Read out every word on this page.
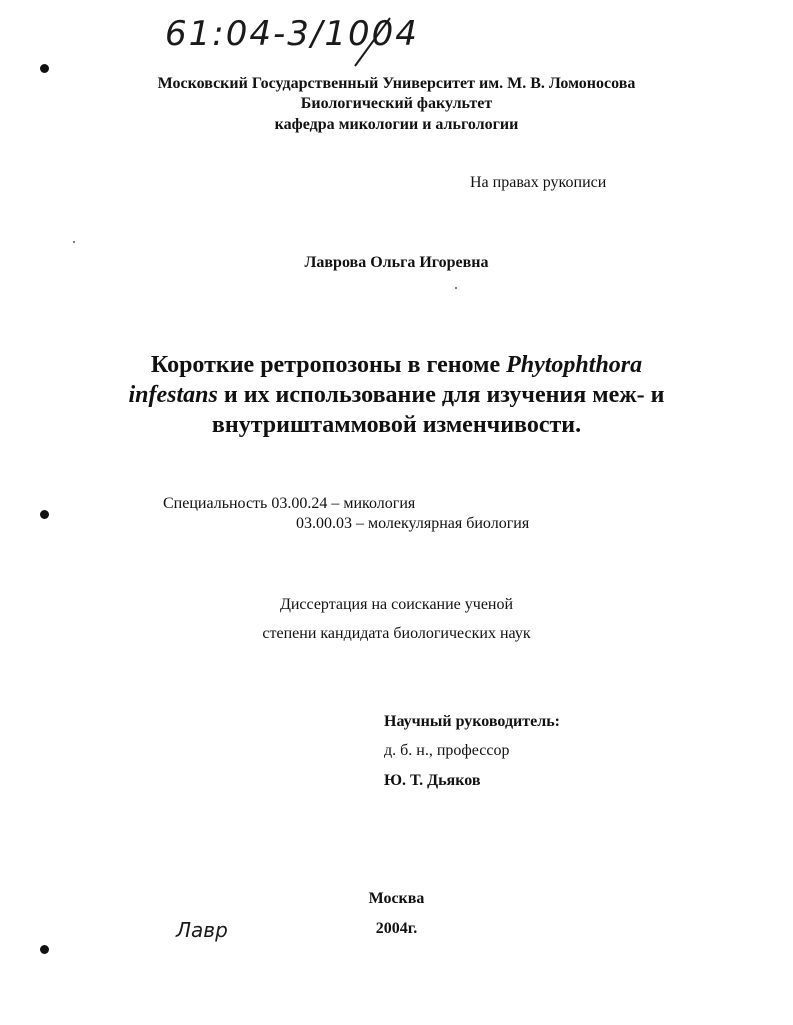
61:04-3/1004
Московский Государственный Университет им. М. В. Ломоносова
Биологический факультет
кафедра микологии и альгологии
На правах рукописи
Лаврова Ольга Игоревна
Короткие ретропозоны в геноме Phytophthora
infestans и их использование для изучения меж- и
внутриштаммовой изменчивости.
Специальность 03.00.24 – микология
03.00.03 – молекулярная биология
Диссертация на соискание ученой
степени кандидата биологических наук
Научный руководитель:
д. б. н., профессор
Ю. Т. Дьяков
Москва
2004г.
Лавр
